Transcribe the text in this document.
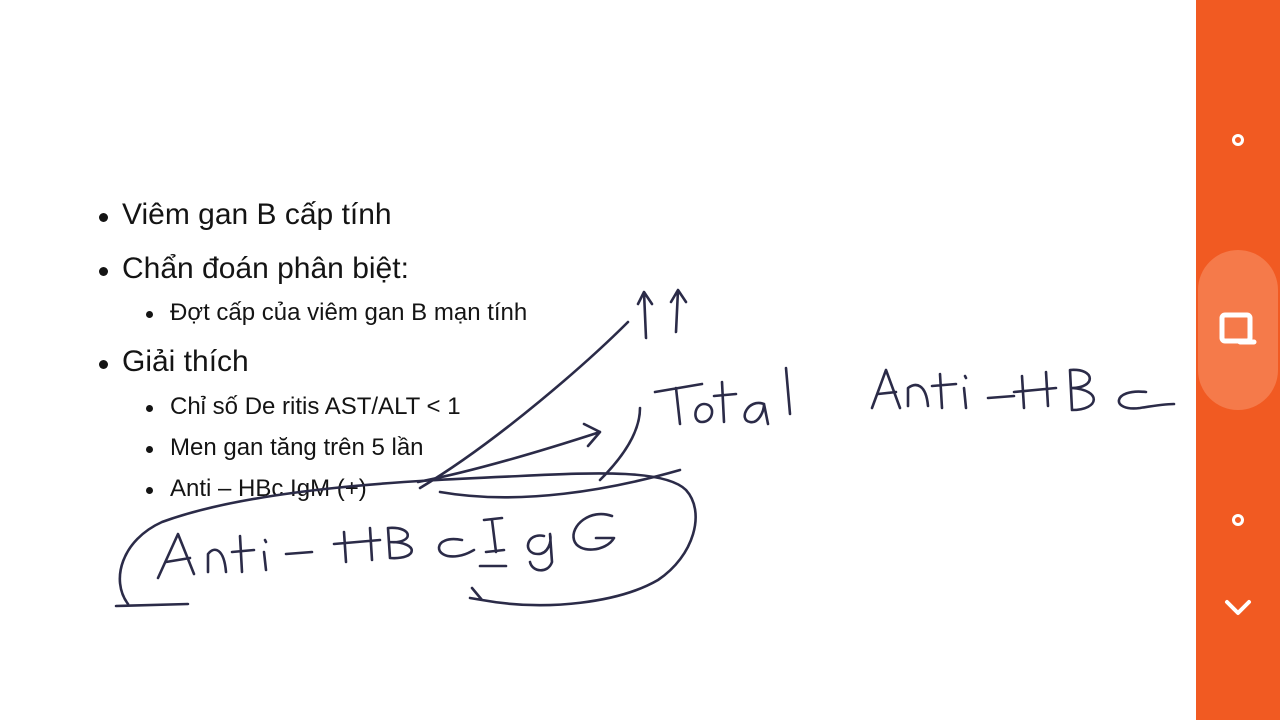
Viêm gan B cấp tính
Chẩn đoán phân biệt:
Đợt cấp của viêm gan B mạn tính
Giải thích
Chỉ số De ritis AST/ALT < 1
Men gan tăng trên 5 lần
Anti – HBc IgM (+)
